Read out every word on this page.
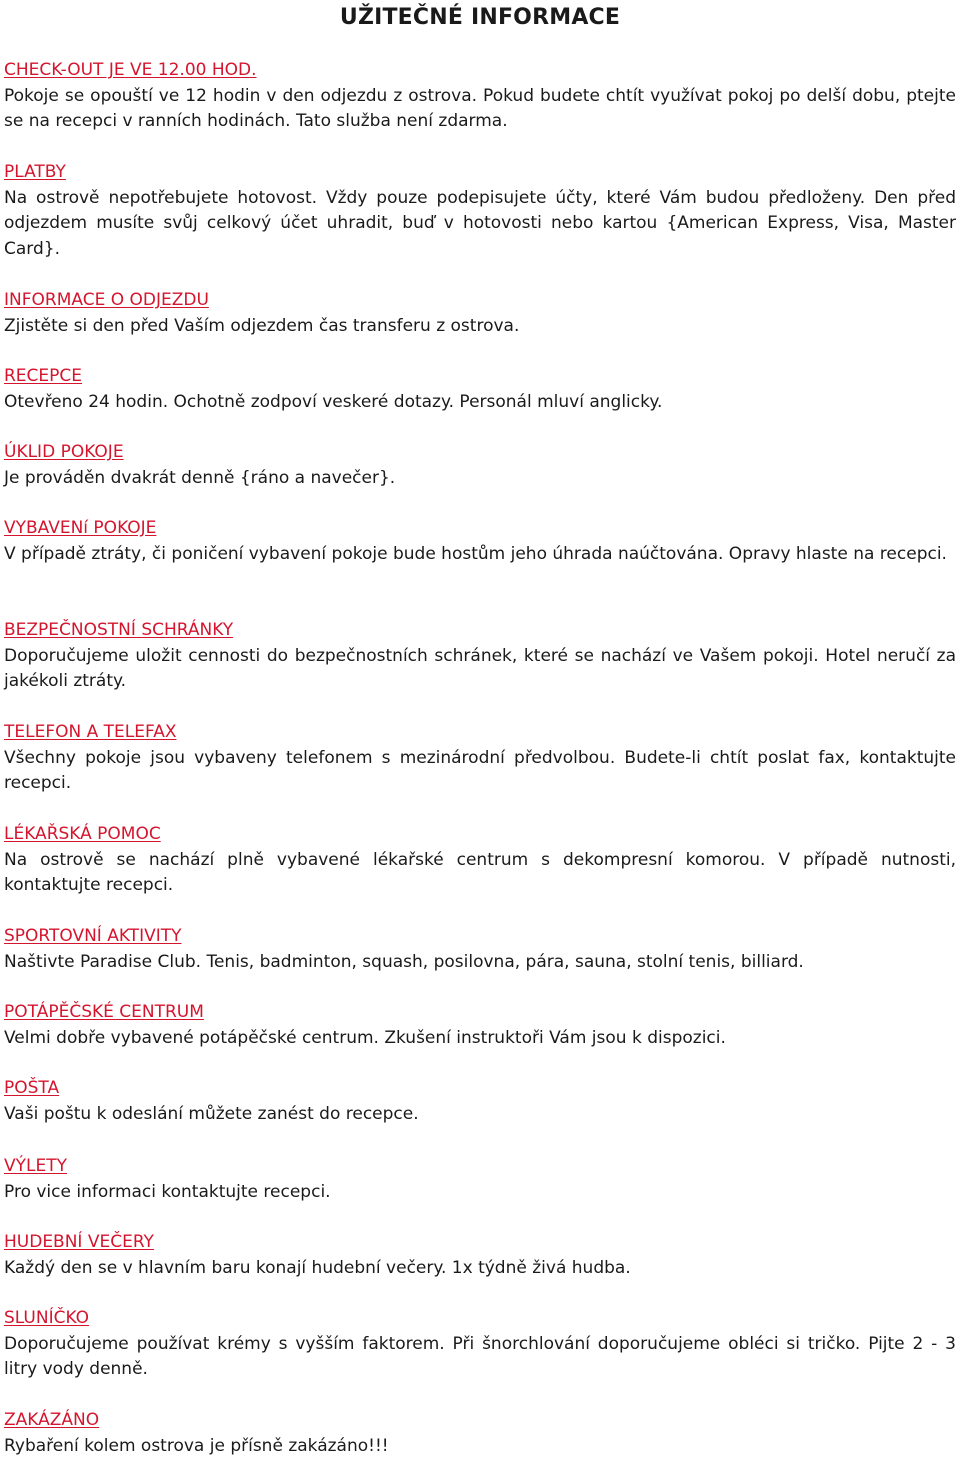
UŽITEČNÉ INFORMACE
CHECK-OUT JE VE 12.00 HOD.
Pokoje se opouští ve 12 hodin v den odjezdu z ostrova. Pokud budete chtít využívat pokoj po delší dobu, ptejte se na recepci v ranních hodinách. Tato služba není zdarma.
PLATBY
Na ostrově nepotřebujete hotovost. Vždy pouze podepisujete účty, které Vám budou předloženy. Den před odjezdem musíte svůj celkový účet uhradit, buď v hotovosti nebo kartou {American Express, Visa, Master Card}.
INFORMACE O ODJEZDU
Zjistěte si den před Vaším odjezdem čas transferu z ostrova.
RECEPCE
Otevřeno 24 hodin. Ochotně zodpoví veskeré dotazy. Personál mluví anglicky.
ÚKLID POKOJE
Je prováděn dvakrát denně {ráno a navečer}.
VYBAVENí POKOJE
V případě ztráty, či poničení vybavení pokoje bude hostům jeho úhrada naúčtována. Opravy hlaste na recepci.
BEZPEČNOSTNÍ SCHRÁNKY
Doporučujeme uložit cennosti do bezpečnostních schránek, které se nachází ve Vašem pokoji. Hotel neručí za jakékoli ztráty.
TELEFON A TELEFAX
Všechny pokoje jsou vybaveny telefonem s mezinárodní předvolbou. Budete-li chtít poslat fax, kontaktujte recepci.
LÉKAŘSKÁ POMOC
Na ostrově se nachází plně vybavené lékařské centrum s dekompresní komorou. V případě nutnosti, kontaktujte recepci.
SPORTOVNÍ AKTIVITY
Naštivte Paradise Club. Tenis, badminton, squash, posilovna, pára, sauna, stolní tenis, billiard.
POTÁPĚČSKÉ CENTRUM
Velmi dobře vybavené potápěčské centrum. Zkušení instruktoři Vám jsou k dispozici.
POŠTA
Vaši poštu k odeslání můžete zanést do recepce.
VÝLETY
Pro vice informaci kontaktujte recepci.
HUDEBNÍ VEČERY
Každý den se v hlavním baru konají hudební večery. 1x týdně živá hudba.
SLUNÍČKO
Doporučujeme používat krémy s vyšším faktorem. Při šnorchlování doporučujeme obléci si tričko. Pijte 2 - 3 litry vody denně.
ZAKÁZÁNO
Rybaření kolem ostrova je přísně zakázáno!!!
